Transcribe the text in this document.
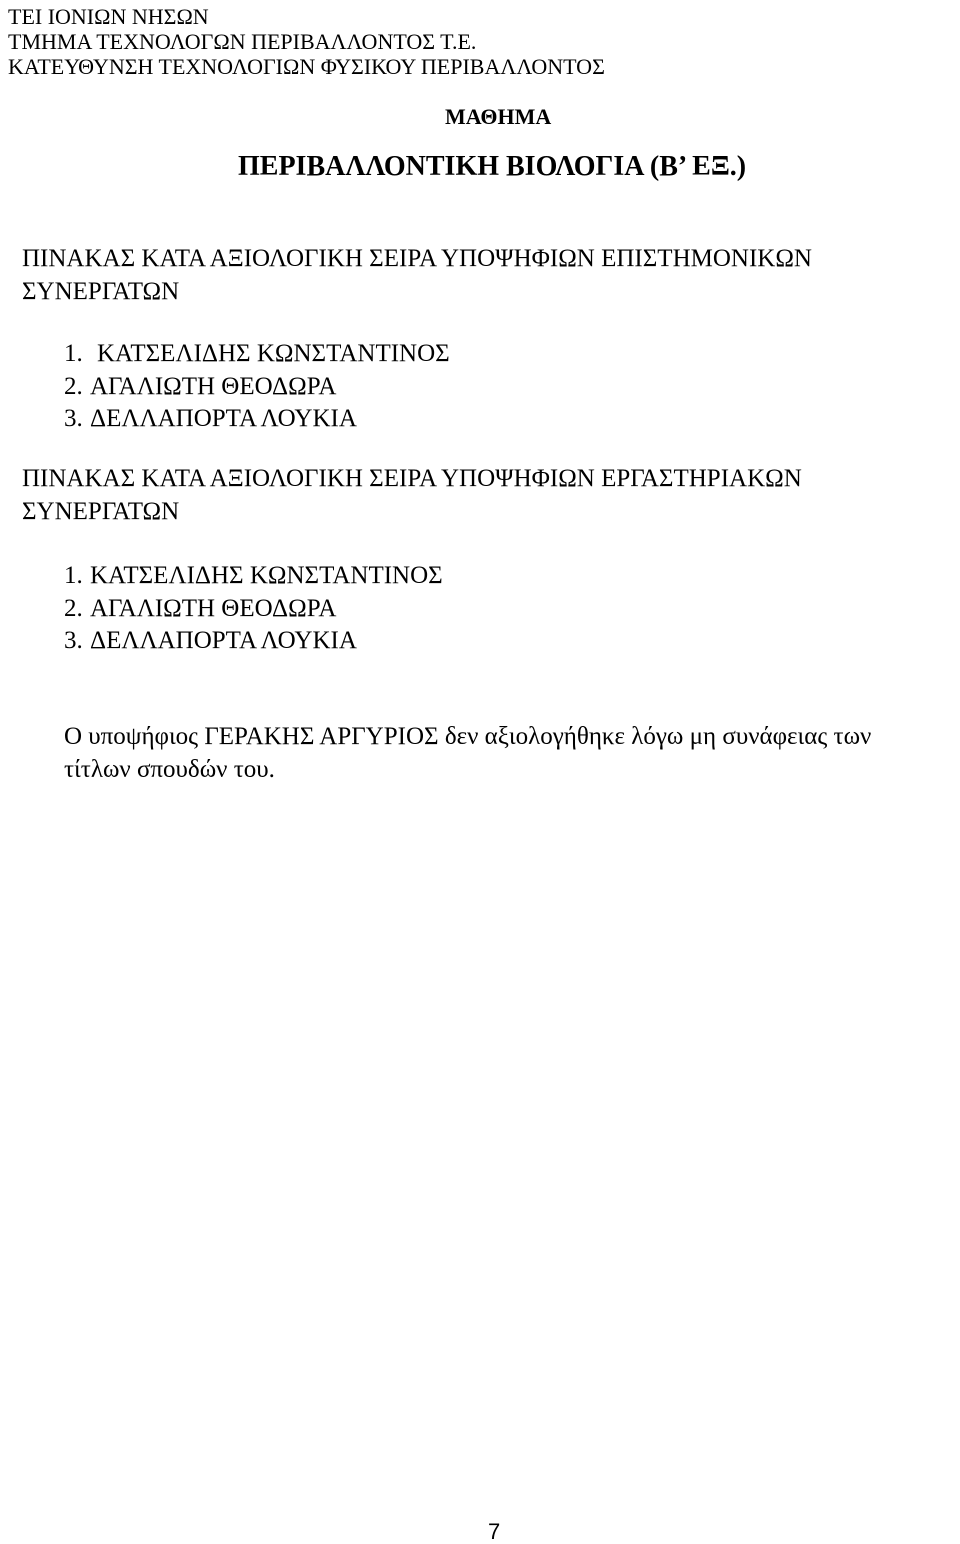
ΤΕΙ ΙΟΝΙΩΝ ΝΗΣΩΝ
ΤΜΗΜΑ ΤΕΧΝΟΛΟΓΩΝ ΠΕΡΙΒΑΛΛΟΝΤΟΣ Τ.Ε.
ΚΑΤΕΥΘΥΝΣΗ ΤΕΧΝΟΛΟΓΙΩΝ ΦΥΣΙΚΟΥ ΠΕΡΙΒΑΛΛΟΝΤΟΣ
ΜΑΘΗΜΑ
ΠΕΡΙΒΑΛΛΟΝΤΙΚΗ ΒΙΟΛΟΓΙΑ (Β’ ΕΞ.)
ΠΙΝΑΚΑΣ ΚΑΤΑ ΑΞΙΟΛΟΓΙΚΗ ΣΕΙΡΑ ΥΠΟΨΗΦΙΩΝ ΕΠΙΣΤΗΜΟΝΙΚΩΝ
ΣΥΝΕΡΓΑΤΩΝ
1. ΚΑΤΣΕΛΙΔΗΣ ΚΩΝΣΤΑΝΤΙΝΟΣ
2. ΑΓΑΛΙΩΤΗ ΘΕΟΔΩΡΑ
3. ΔΕΛΛΑΠΟΡΤΑ ΛΟΥΚΙΑ
ΠΙΝΑΚΑΣ ΚΑΤΑ ΑΞΙΟΛΟΓΙΚΗ ΣΕΙΡΑ ΥΠΟΨΗΦΙΩΝ ΕΡΓΑΣΤΗΡΙΑΚΩΝ
ΣΥΝΕΡΓΑΤΩΝ
1. ΚΑΤΣΕΛΙΔΗΣ ΚΩΝΣΤΑΝΤΙΝΟΣ
2. ΑΓΑΛΙΩΤΗ ΘΕΟΔΩΡΑ
3. ΔΕΛΛΑΠΟΡΤΑ ΛΟΥΚΙΑ
Ο υποψήφιος ΓΕΡΑΚΗΣ ΑΡΓΥΡΙΟΣ δεν αξιολογήθηκε λόγω μη συνάφειας των
τίτλων σπουδών του.
7
